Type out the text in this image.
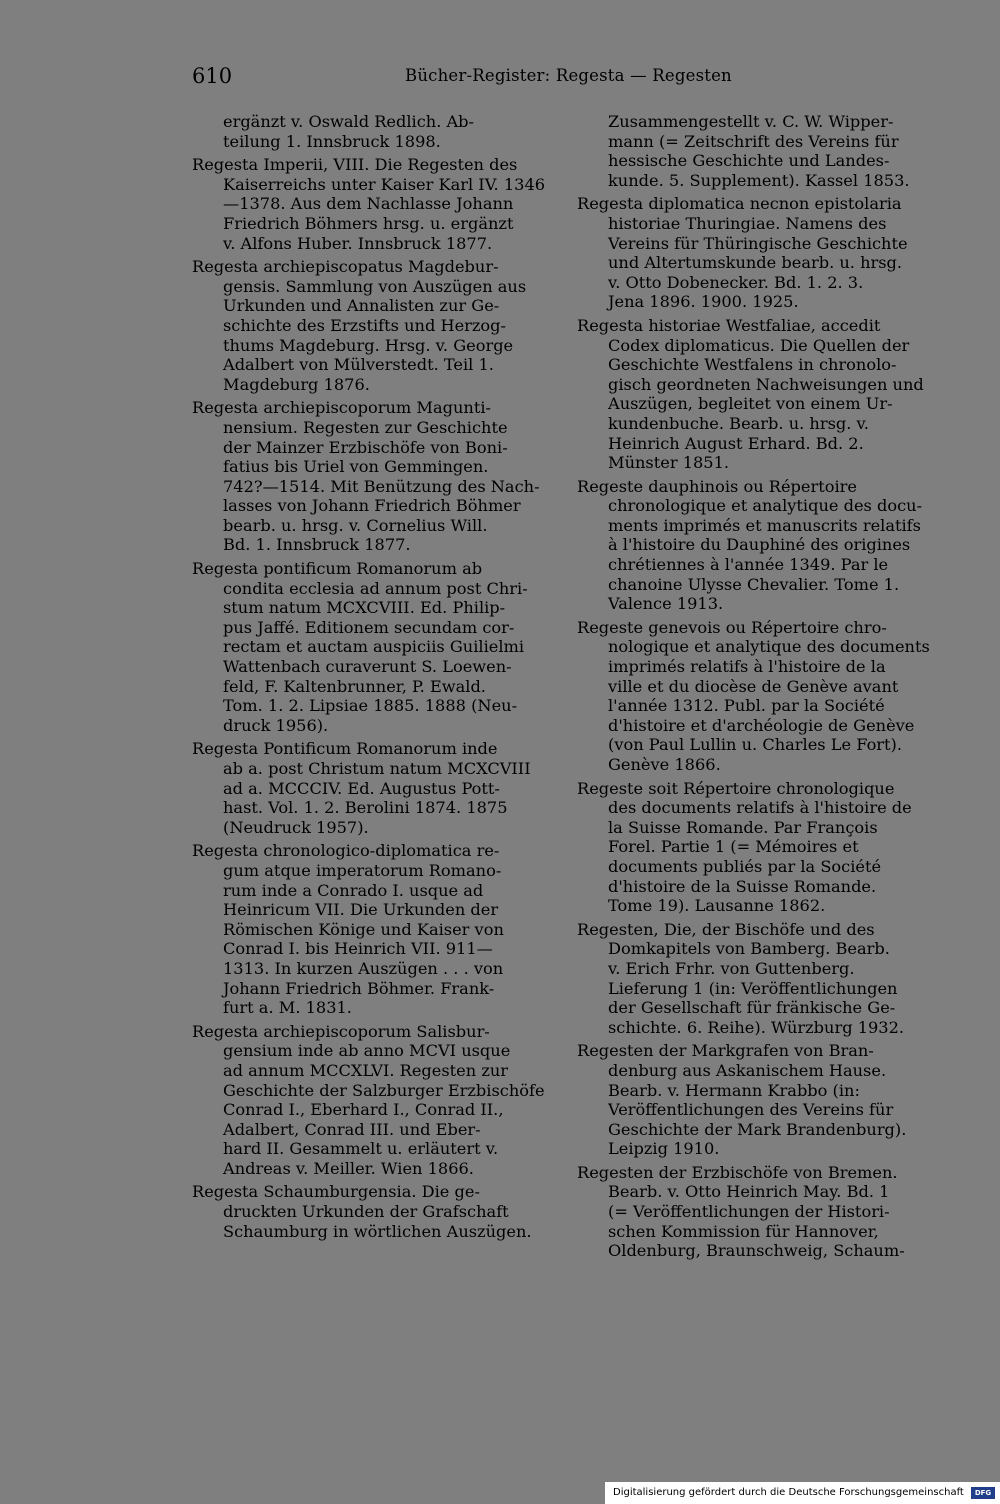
610	Bücher-Register: Regesta — Regesten
ergänzt v. Oswald Redlich. Ab-
teilung 1. Innsbruck 1898.
Regesta Imperii, VIII. Die Regesten des
Kaiserreichs unter Kaiser Karl IV. 1346
—1378. Aus dem Nachlasse Johann
Friedrich Böhmers hrsg. u. ergänzt
v. Alfons Huber. Innsbruck 1877.
Regesta archiepiscopatus Magdebur-
gensis. Sammlung von Auszügen aus
Urkunden und Annalisten zur Ge-
schichte des Erzstifts und Herzog-
thums Magdeburg. Hrsg. v. George
Adalbert von Mülverstedt. Teil 1.
Magdeburg 1876.
Regesta archiepiscoporum Magunti-
nensium. Regesten zur Geschichte
der Mainzer Erzbischöfe von Boni-
fatius bis Uriel von Gemmingen.
742?—1514. Mit Benützung des Nach-
lasses von Johann Friedrich Böhmer
bearb. u. hrsg. v. Cornelius Will.
Bd. 1. Innsbruck 1877.
Regesta pontificum Romanorum ab
condita ecclesia ad annum post Chri-
stum natum MCXCVIII. Ed. Philip-
pus Jaffé. Editionem secundam cor-
rectam et auctam auspiciis Guilielmi
Wattenbach curaverunt S. Loewen-
feld, F. Kaltenbrunner, P. Ewald.
Tom. 1. 2. Lipsiae 1885. 1888 (Neu-
druck 1956).
Regesta Pontificum Romanorum inde
ab a. post Christum natum MCXCVIII
ad a. MCCCIV. Ed. Augustus Pott-
hast. Vol. 1. 2. Berolini 1874. 1875
(Neudruck 1957).
Regesta chronologico-diplomatica re-
gum atque imperatorum Romano-
rum inde a Conrado I. usque ad
Heinricum VII. Die Urkunden der
Römischen Könige und Kaiser von
Conrad I. bis Heinrich VII. 911—
1313. In kurzen Auszügen . . . von
Johann Friedrich Böhmer. Frank-
furt a. M. 1831.
Regesta archiepiscoporum Salisbur-
gensium inde ab anno MCVI usque
ad annum MCCXLVI. Regesten zur
Geschichte der Salzburger Erzbischöfe
Conrad I., Eberhard I., Conrad II.,
Adalbert, Conrad III. und Eber-
hard II. Gesammelt u. erläutert v.
Andreas v. Meiller. Wien 1866.
Regesta Schaumburgensia. Die ge-
druckten Urkunden der Grafschaft
Schaumburg in wörtlichen Auszügen.
Zusammengestellt v. C. W. Wipper-
mann (= Zeitschrift des Vereins für
hessische Geschichte und Landes-
kunde. 5. Supplement). Kassel 1853.
Regesta diplomatica necnon epistolaria
historiae Thuringiae. Namens des
Vereins für Thüringische Geschichte
und Altertumskunde bearb. u. hrsg.
v. Otto Dobenecker. Bd. 1. 2. 3.
Jena 1896. 1900. 1925.
Regesta historiae Westfaliae, accedit
Codex diplomaticus. Die Quellen der
Geschichte Westfalens in chronolo-
gisch geordneten Nachweisungen und
Auszügen, begleitet von einem Ur-
kundenbuche. Bearb. u. hrsg. v.
Heinrich August Erhard. Bd. 2.
Münster 1851.
Regeste dauphinois ou Répertoire
chronologique et analytique des docu-
ments imprimés et manuscrits relatifs
à l'histoire du Dauphiné des origines
chrétiennes à l'année 1349. Par le
chanoine Ulysse Chevalier. Tome 1.
Valence 1913.
Regeste genevois ou Répertoire chro-
nologique et analytique des documents
imprimés relatifs à l'histoire de la
ville et du diocèse de Genève avant
l'année 1312. Publ. par la Société
d'histoire et d'archéologie de Genève
(von Paul Lullin u. Charles Le Fort).
Genève 1866.
Regeste soit Répertoire chronologique
des documents relatifs à l'histoire de
la Suisse Romande. Par François
Forel. Partie 1 (= Mémoires et
documents publiés par la Société
d'histoire de la Suisse Romande.
Tome 19). Lausanne 1862.
Regesten, Die, der Bischöfe und des
Domkapitels von Bamberg. Bearb.
v. Erich Frhr. von Guttenberg.
Lieferung 1 (in: Veröffentlichungen
der Gesellschaft für fränkische Ge-
schichte. 6. Reihe). Würzburg 1932.
Regesten der Markgrafen von Bran-
denburg aus Askanischem Hause.
Bearb. v. Hermann Krabbo (in:
Veröffentlichungen des Vereins für
Geschichte der Mark Brandenburg).
Leipzig 1910.
Regesten der Erzbischöfe von Bremen.
Bearb. v. Otto Heinrich May. Bd. 1
(= Veröffentlichungen der Histori-
schen Kommission für Hannover,
Oldenburg, Braunschweig, Schaum-
Digitalisierung gefördert durch die Deutsche Forschungsgemeinschaft	DFG
